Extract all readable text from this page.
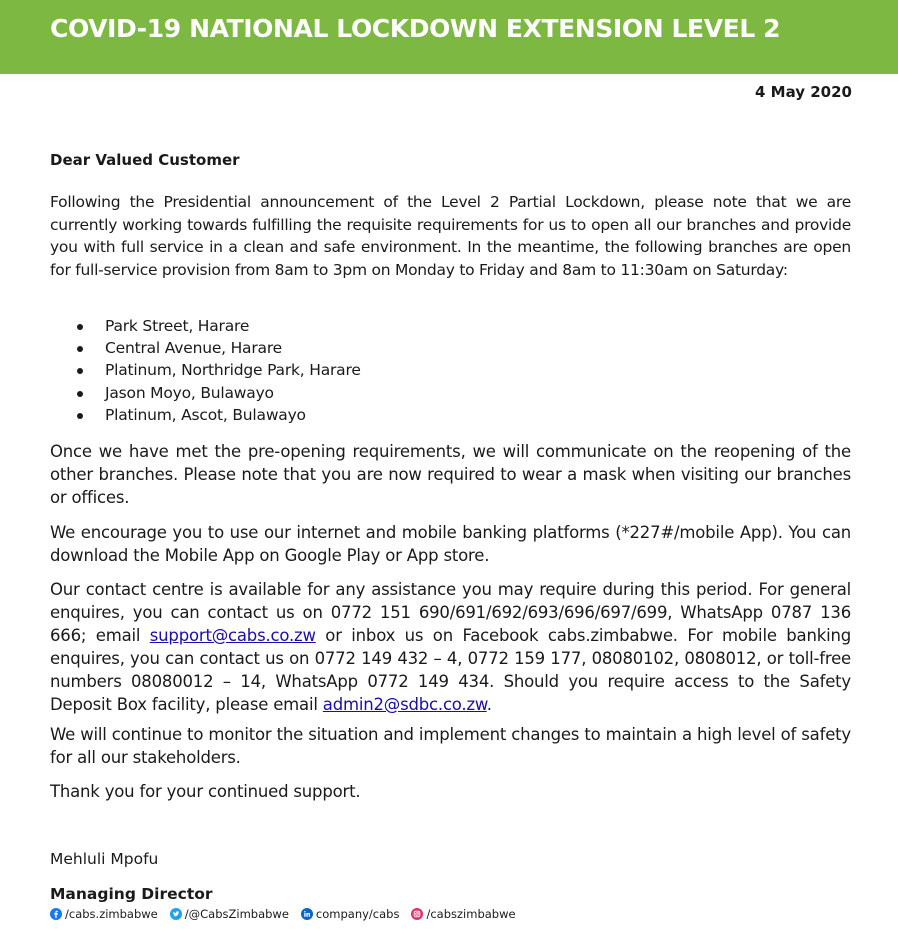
COVID-19 NATIONAL LOCKDOWN EXTENSION LEVEL 2
4 May 2020
Dear Valued Customer

Following the Presidential announcement of the Level 2 Partial Lockdown, please note that we are currently working towards fulfilling the requisite requirements for us to open all our branches and provide you with full service in a clean and safe environment. In the meantime, the following branches are open for full-service provision from 8am to 3pm on Monday to Friday and 8am to 11:30am on Saturday:

Park Street, Harare
Central Avenue, Harare
Platinum, Northridge Park, Harare
Jason Moyo, Bulawayo
Platinum, Ascot, Bulawayo

Once we have met the pre-opening requirements, we will communicate on the reopening of the other branches. Please note that you are now required to wear a mask when visiting our branches or offices.

We encourage you to use our internet and mobile banking platforms (*227#/mobile App). You can download the Mobile App on Google Play or App store.

Our contact centre is available for any assistance you may require during this period. For general enquires, you can contact us on 0772 151 690/691/692/693/696/697/699, WhatsApp 0787 136 666; email support@cabs.co.zw or inbox us on Facebook cabs.zimbabwe. For mobile banking enquires, you can contact us on 0772 149 432 – 4, 0772 159 177, 08080102, 0808012, or toll-free numbers 08080012 – 14, WhatsApp 0772 149 434. Should you require access to the Safety Deposit Box facility, please email admin2@sdbc.co.zw.

We will continue to monitor the situation and implement changes to maintain a high level of safety for all our stakeholders.

Thank you for your continued support.

Mehluli Mpofu
Managing Director
/cabs.zimbabwe /@CabsZimbabwe company/cabs /cabszimbabwe
